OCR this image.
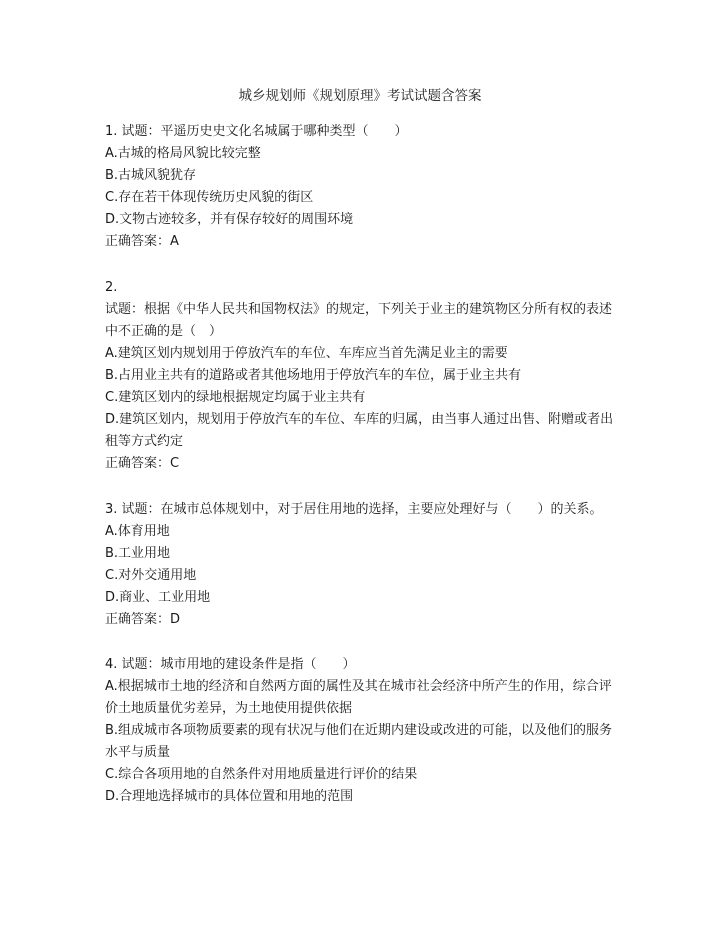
城乡规划师《规划原理》考试试题含答案
1. 试题：平遥历史史文化名城属于哪种类型（　　）
A.古城的格局风貌比较完整
B.古城风貌犹存
C.存在若干体现传统历史风貌的街区
D.文物古迹较多，并有保存较好的周围环境
正确答案：A
2.
试题：根据《中华人民共和国物权法》的规定，下列关于业主的建筑物区分所有权的表述
中不正确的是（　）
A.建筑区划内规划用于停放汽车的车位、车库应当首先满足业主的需要
B.占用业主共有的道路或者其他场地用于停放汽车的车位，属于业主共有
C.建筑区划内的绿地根据规定均属于业主共有
D.建筑区划内，规划用于停放汽车的车位、车库的归属，由当事人通过出售、附赠或者出
租等方式约定
正确答案：C
3. 试题：在城市总体规划中，对于居住用地的选择，主要应处理好与（　　）的关系。
A.体育用地
B.工业用地
C.对外交通用地
D.商业、工业用地
正确答案：D
4. 试题：城市用地的建设条件是指（　　）
A.根据城市土地的经济和自然两方面的属性及其在城市社会经济中所产生的作用，综合评
价土地质量优劣差异，为土地使用提供依据
B.组成城市各项物质要素的现有状况与他们在近期内建设或改进的可能，以及他们的服务
水平与质量
C.综合各项用地的自然条件对用地质量进行评价的结果
D.合理地选择城市的具体位置和用地的范围
